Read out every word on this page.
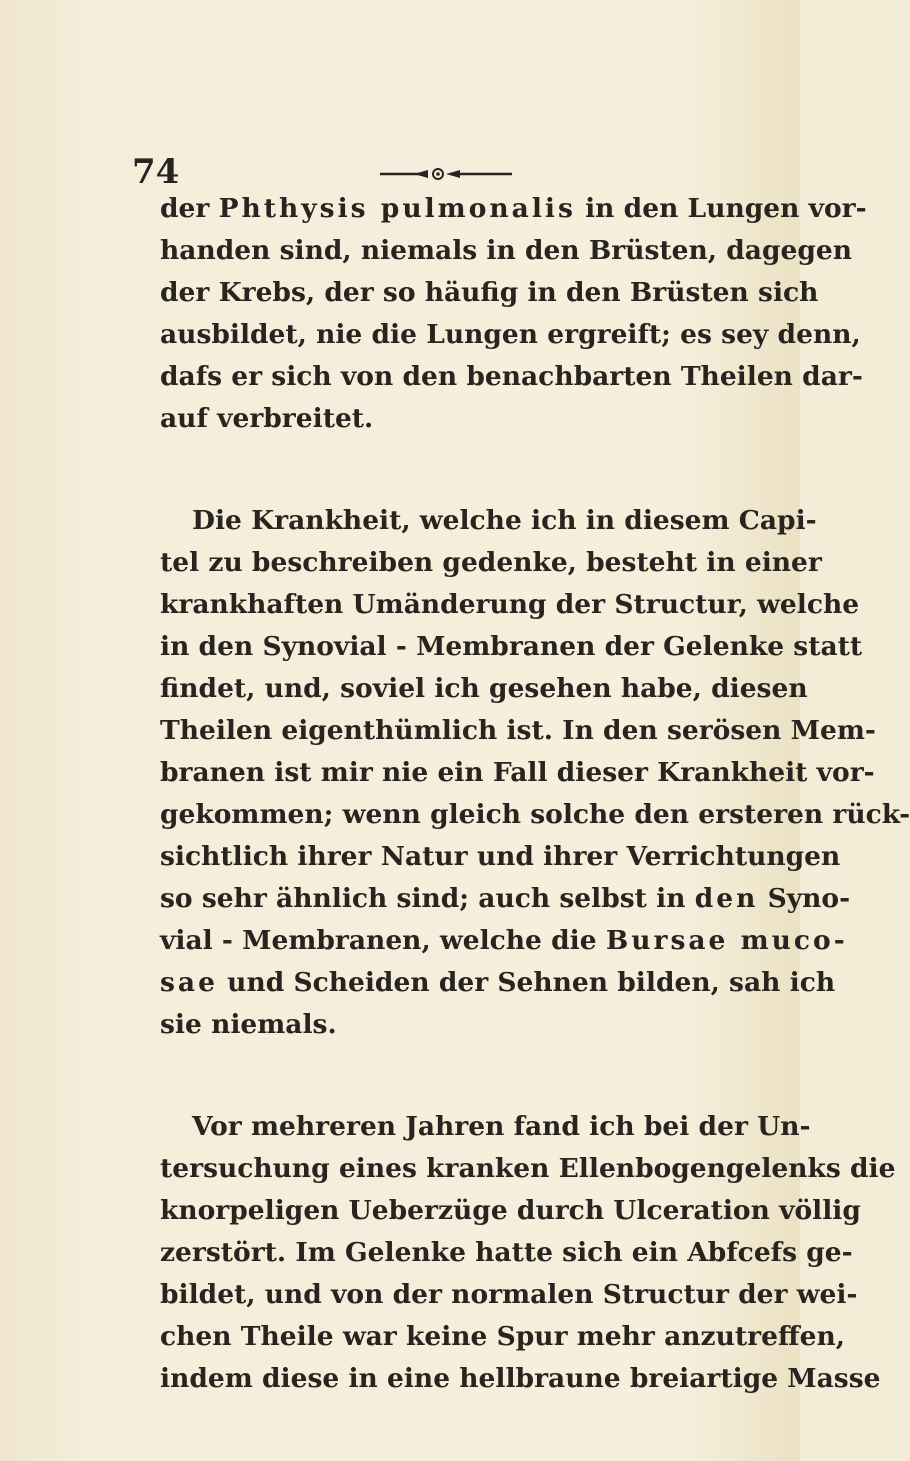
74
der Phthysis pulmonalis in den Lungen vor-
handen sind, niemals in den Brüsten, dagegen
der Krebs, der so häufig in den Brüsten sich
ausbildet, nie die Lungen ergreift; es sey denn,
dafs er sich von den benachbarten Theilen dar-
auf verbreitet.
Die Krankheit, welche ich in diesem Capi-
tel zu beschreiben gedenke, besteht in einer
krankhaften Umänderung der Structur, welche
in den Synovial - Membranen der Gelenke statt
findet, und, soviel ich gesehen habe, diesen
Theilen eigenthümlich ist. In den serösen Mem-
branen ist mir nie ein Fall dieser Krankheit vor-
gekommen; wenn gleich solche den ersteren rück-
sichtlich ihrer Natur und ihrer Verrichtungen
so sehr ähnlich sind; auch selbst in den Syno-
vial - Membranen, welche die Bursae muco-
sae und Scheiden der Sehnen bilden, sah ich
sie niemals.
Vor mehreren Jahren fand ich bei der Un-
tersuchung eines kranken Ellenbogengelenks die
knorpeligen Ueberzüge durch Ulceration völlig
zerstört. Im Gelenke hatte sich ein Abfcefs ge-
bildet, und von der normalen Structur der wei-
chen Theile war keine Spur mehr anzutreffen,
indem diese in eine hellbraune breiartige Masse
